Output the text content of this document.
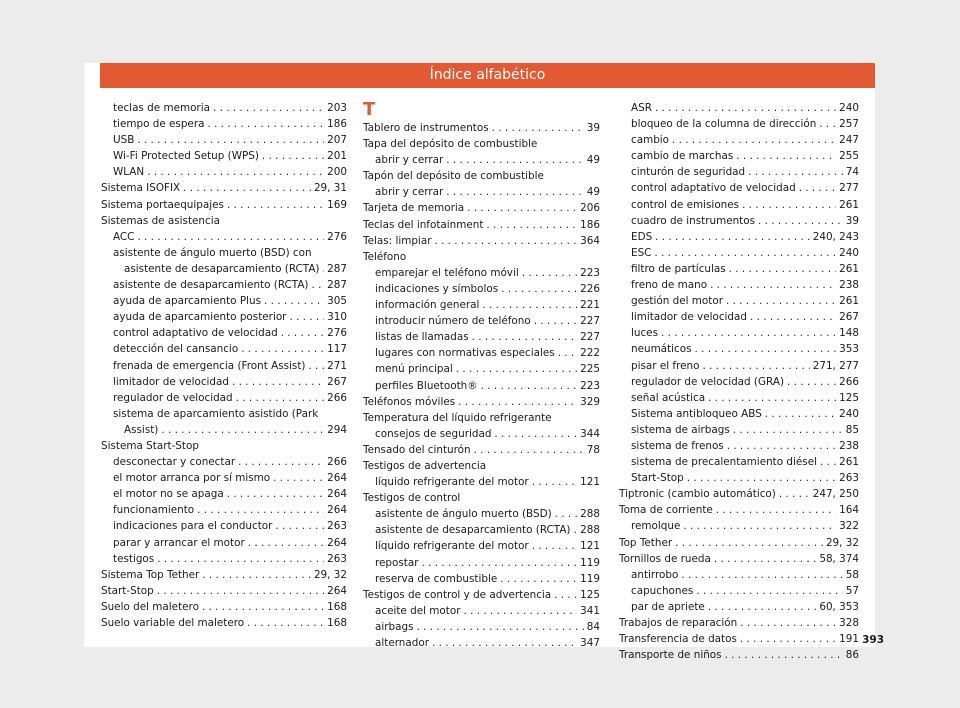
Índice alfabético
teclas de memoria . . .	203
tiempo de espera . . .	186
USB . . .	207
Wi-Fi Protected Setup (WPS) . . .	201
WLAN . . .	200
Sistema ISOFIX . . .	29, 31
Sistema portaequipajes . . .	169
Sistemas de asistencia
ACC . . .	276
asistente de ángulo muerto (BSD) con
asistente de desaparcamiento (RCTA) . . . 287
asistente de desaparcamiento (RCTA) . . . 287
ayuda de aparcamiento Plus . . .	305
ayuda de aparcamiento posterior . . .	310
control adaptativo de velocidad . . .	276
detección del cansancio . . .	117
frenada de emergencia (Front Assist) . . . 271
limitador de velocidad . . .	267
regulador de velocidad . . .	266
sistema de aparcamiento asistido (Park
Assist) . . .	294
Sistema Start-Stop
desconectar y conectar . . .	266
el motor arranca por sí mismo . . .	264
el motor no se apaga . . .	264
funcionamiento . . .	264
indicaciones para el conductor . . .	263
parar y arrancar el motor . . .	264
testigos . . .	263
Sistema Top Tether . . .	29, 32
Start-Stop . . .	264
Suelo del maletero . . .	168
Suelo variable del maletero . . .	168
T
Tablero de instrumentos . . .	39
Tapa del depósito de combustible
abrir y cerrar . . .	49
Tapón del depósito de combustible
abrir y cerrar . . .	49
Tarjeta de memoria . . .	206
Teclas del infotainment . . .	186
Telas: limpiar . . .	364
Teléfono
emparejar el teléfono móvil . . .	223
indicaciones y símbolos . . .	226
información general . . .	221
introducir número de teléfono . . .	227
listas de llamadas . . .	227
lugares con normativas especiales . . . 222
menú principal . . .	225
perfiles Bluetooth® . . .	223
Teléfonos móviles . . .	329
Temperatura del líquido refrigerante
consejos de seguridad . . .	344
Tensado del cinturón . . .	78
Testigos de advertencia
líquido refrigerante del motor . . .	121
Testigos de control
asistente de ángulo muerto (BSD) . . .	288
asistente de desaparcamiento (RCTA) . . . 288
líquido refrigerante del motor . . .	121
repostar . . .	119
reserva de combustible . . .	119
Testigos de control y de advertencia . . .	125
aceite del motor . . .	341
airbags . . .	84
alternador . . .	347
ASR . . .	240
bloqueo de la columna de dirección . . . 257
cambio . . .	247
cambio de marchas . . .	255
cinturón de seguridad . . .	74
control adaptativo de velocidad . . .	277
control de emisiones . . .	261
cuadro de instrumentos . . .	39
EDS . . .	240, 243
ESC . . .	240
filtro de partículas . . .	261
freno de mano . . .	238
gestión del motor . . .	261
limitador de velocidad . . .	267
luces . . .	148
neumáticos . . .	353
pisar el freno . . .	271, 277
regulador de velocidad (GRA) . . .	266
señal acústica . . .	125
Sistema antibloqueo ABS . . .	240
sistema de airbags . . .	85
sistema de frenos . . .	238
sistema de precalentamiento diésel . . . 261
Start-Stop . . .	263
Tiptronic (cambio automático) . . .	247, 250
Toma de corriente . . .	164
remolque . . .	322
Top Tether . . .	29, 32
Tornillos de rueda . . .	58, 374
antirrobo . . .	58
capuchones . . .	57
par de apriete . . .	60, 353
Trabajos de reparación . . .	328
Transferencia de datos . . .	191
Transporte de niños . . .	86
393
